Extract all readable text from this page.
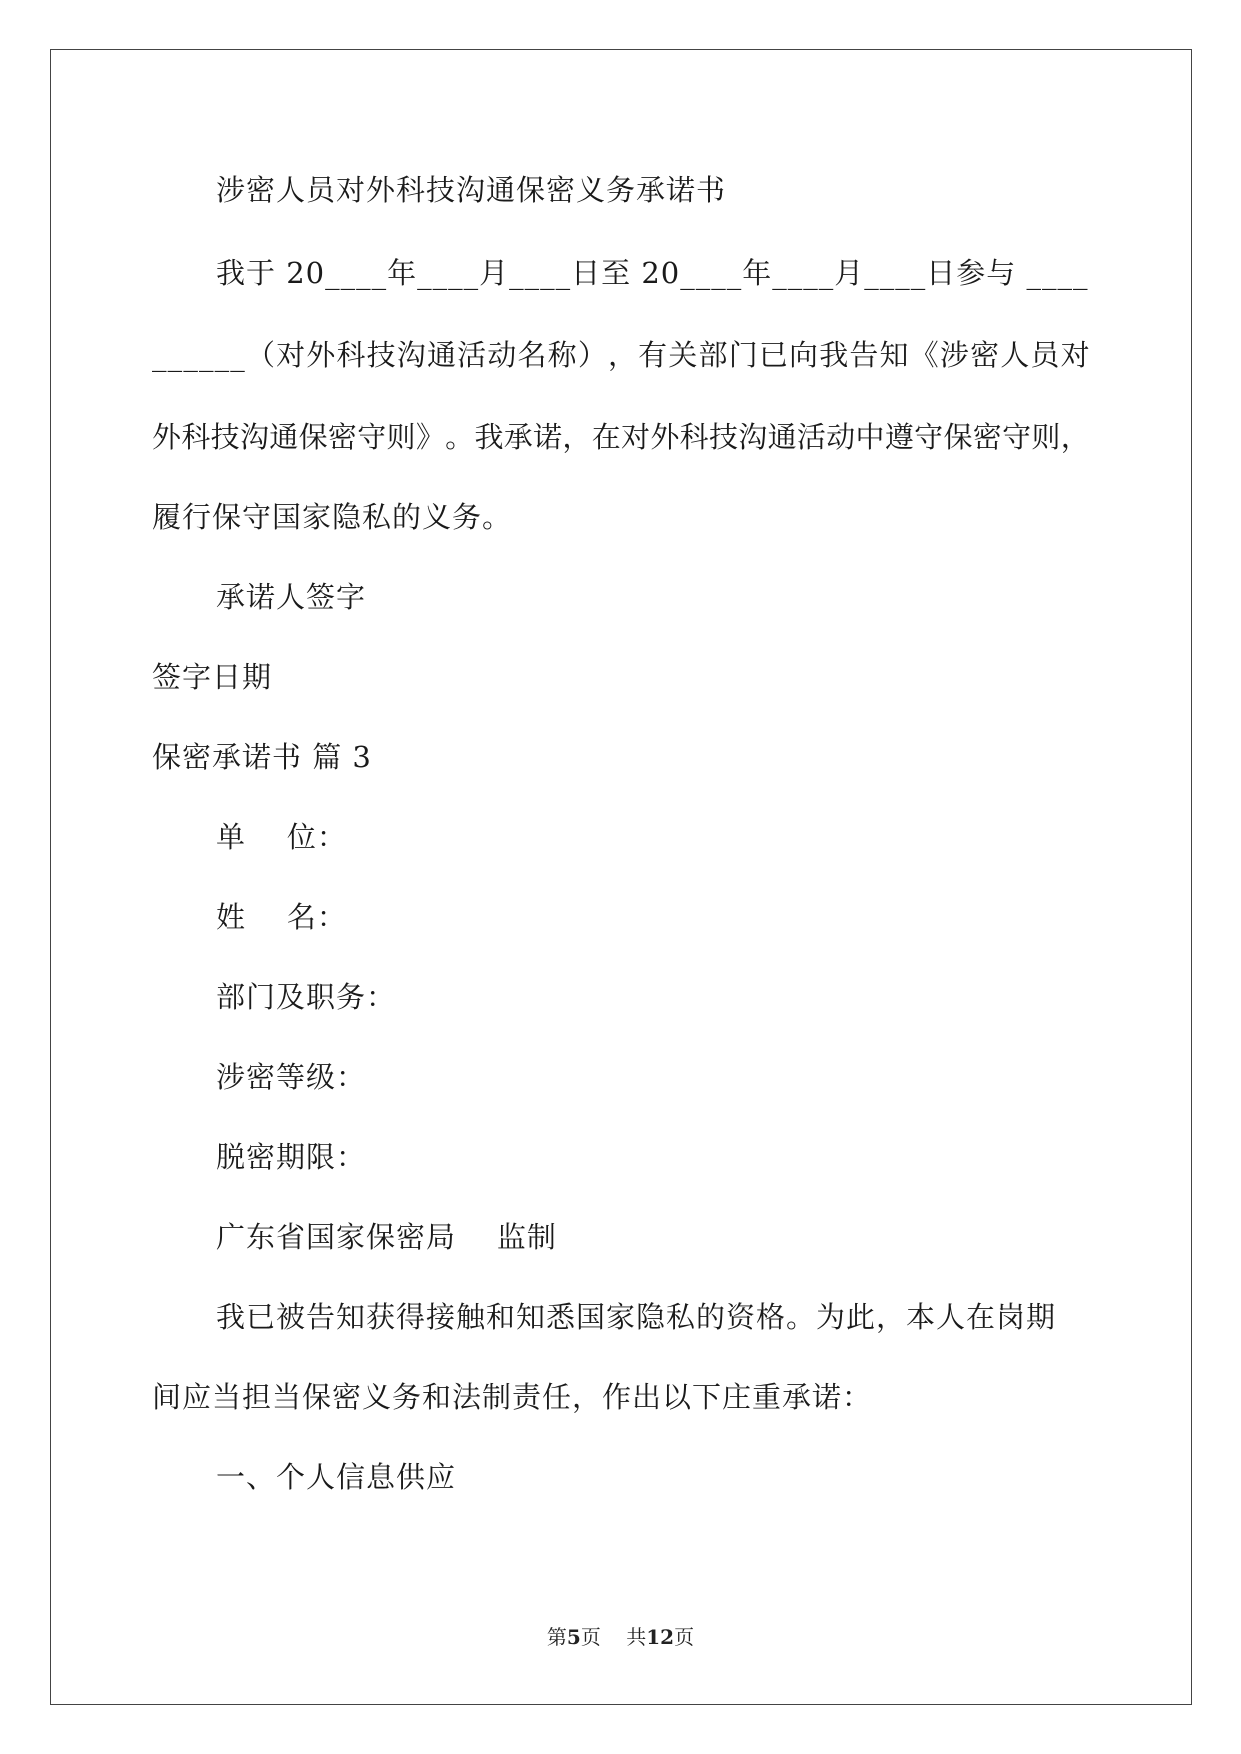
涉密人员对外科技沟通保密义务承诺书
我于 20____年____月____日至 20____年____月____日参与 ____
_ _ _ _ _ _ （ 对 外 科 技 沟 通 活 动 名 称 ） ， 有 关 部 门 已 向 我 告 知 《 涉 密 人 员 对
外 科 技 沟 通 保 密 守 则 》 。 我 承 诺 ， 在 对 外 科 技 沟 通 活 动 中 遵 守 保 密 守 则 ，
履行保守国家隐私的义务。
承诺人签字
签字日期
保密承诺书 篇 3
单    位：
姓    名：
部门及职务：
涉密等级：
脱密期限：
广东省国家保密局    监制
我已被告知获得接触和知悉国家隐私的资格。为此，本人在岗期
间应当担当保密义务和法制责任，作出以下庄重承诺：
一、个人信息供应
第5页    共12页
